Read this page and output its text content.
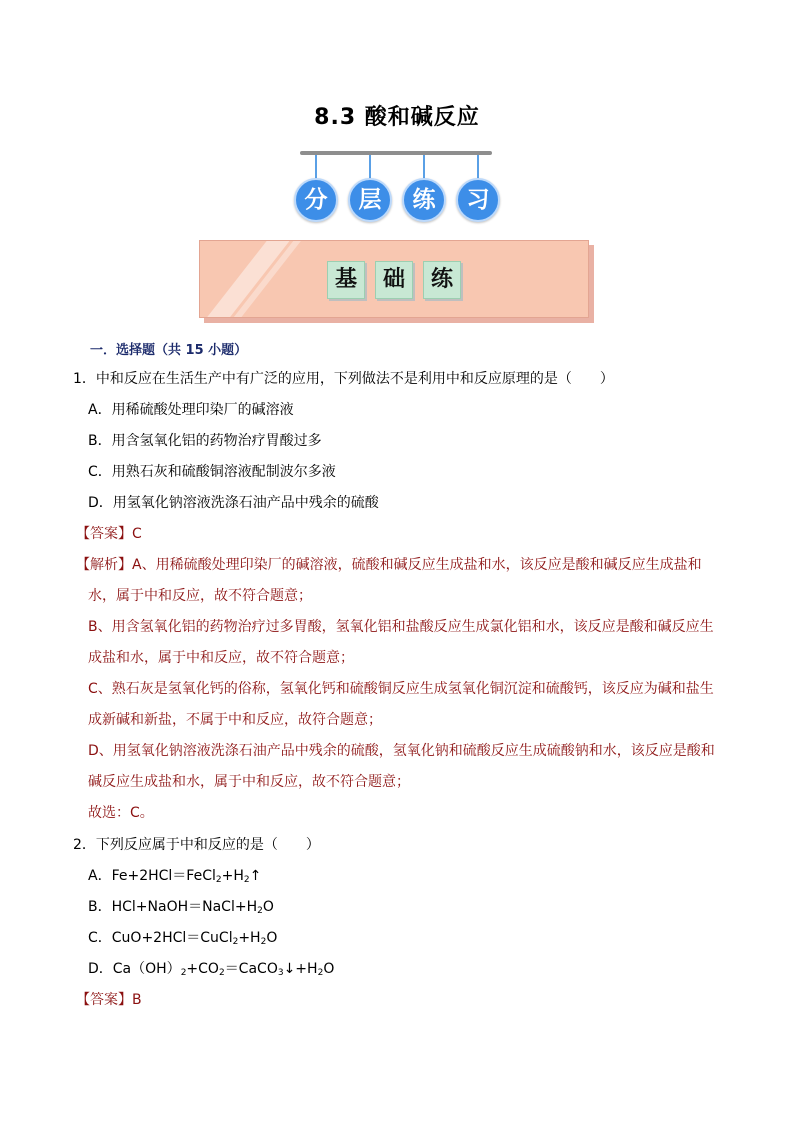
8.3 酸和碱反应
分	层	练	习
基	础	练
一．选择题（共 15 小题）
1．中和反应在生活生产中有广泛的应用，下列做法不是利用中和反应原理的是（　　）
A．用稀硫酸处理印染厂的碱溶液
B．用含氢氧化铝的药物治疗胃酸过多
C．用熟石灰和硫酸铜溶液配制波尔多液
D．用氢氧化钠溶液洗涤石油产品中残余的硫酸
【答案】C
【解析】A、用稀硫酸处理印染厂的碱溶液，硫酸和碱反应生成盐和水，该反应是酸和碱反应生成盐和
水，属于中和反应，故不符合题意；
B、用含氢氧化铝的药物治疗过多胃酸，氢氧化铝和盐酸反应生成氯化铝和水，该反应是酸和碱反应生
成盐和水，属于中和反应，故不符合题意；
C、熟石灰是氢氧化钙的俗称，氢氧化钙和硫酸铜反应生成氢氧化铜沉淀和硫酸钙，该反应为碱和盐生
成新碱和新盐，不属于中和反应，故符合题意；
D、用氢氧化钠溶液洗涤石油产品中残余的硫酸，氢氧化钠和硫酸反应生成硫酸钠和水，该反应是酸和
碱反应生成盐和水，属于中和反应，故不符合题意；
故选：C。
2．下列反应属于中和反应的是（　　）
A．$Fe+2HCl=FeCl_2+H_2↑$
B．$HCl+NaOH=NaCl+H_2O$
C．$CuO+2HCl=CuCl_2+H_2O$
D．$Ca(OH)_2+CO_2=CaCO_3↓+H_2O$
【答案】B
